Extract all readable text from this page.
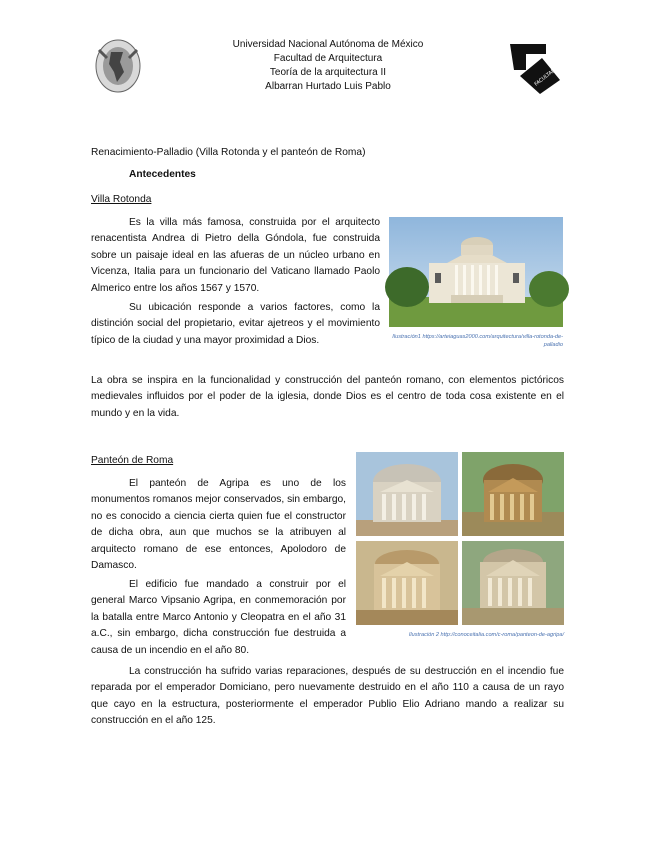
Universidad Nacional Autónoma de México
Facultad de Arquitectura
Teoría de la arquitectura II
Albarran Hurtado Luis Pablo	FACULTAD DE ARQUITECTURA
Renacimiento-Palladio (Villa Rotonda y el panteón de Roma)
Antecedentes
Villa Rotonda
Es la villa más famosa, construida por el arquitecto renacentista Andrea di Pietro della Góndola, fue construida sobre un paisaje ideal en las afueras de un núcleo urbano en Vicenza, Italia para un funcionario del Vaticano llamado Paolo Almerico entre los años 1567 y 1570.
Su ubicación responde a varios factores, como la distinción social del propietario, evitar ajetreos y el movimiento típico de la ciudad y una mayor proximidad a Dios.	Ilustración1 https://arteiaguas2000.com/arquitectura/villa-rotonda-de-palladio
La obra se inspira en la funcionalidad y construcción del panteón romano, con elementos pictóricos medievales influidos por el poder de la iglesia, donde Dios es el centro de toda cosa existente en el mundo y en la vida.
Panteón de Roma
El panteón de Agripa es uno de los monumentos romanos mejor conservados, sin embargo, no es conocido a ciencia cierta quien fue el constructor de dicha obra, aun que muchos se la atribuyen al arquitecto romano de ese entonces, Apolodoro de Damasco.
El edificio fue mandado a construir por el general Marco Vipsanio Agripa, en conmemoración por la batalla entre Marco Antonio y Cleopatra en el año 31 a.C., sin embargo, dicha construcción fue destruida a causa de un incendio en el año 80.
Ilustración 2 http://conoceitalia.com/c-roma/panteon-de-agripa/
La construcción ha sufrido varias reparaciones, después de su destrucción en el incendio fue reparada por el emperador Domiciano, pero nuevamente destruido en el año 110 a causa de un rayo que cayo en la estructura, posteriormente el emperador Publio Elio Adriano mando a realizar su construcción en el año 125.
